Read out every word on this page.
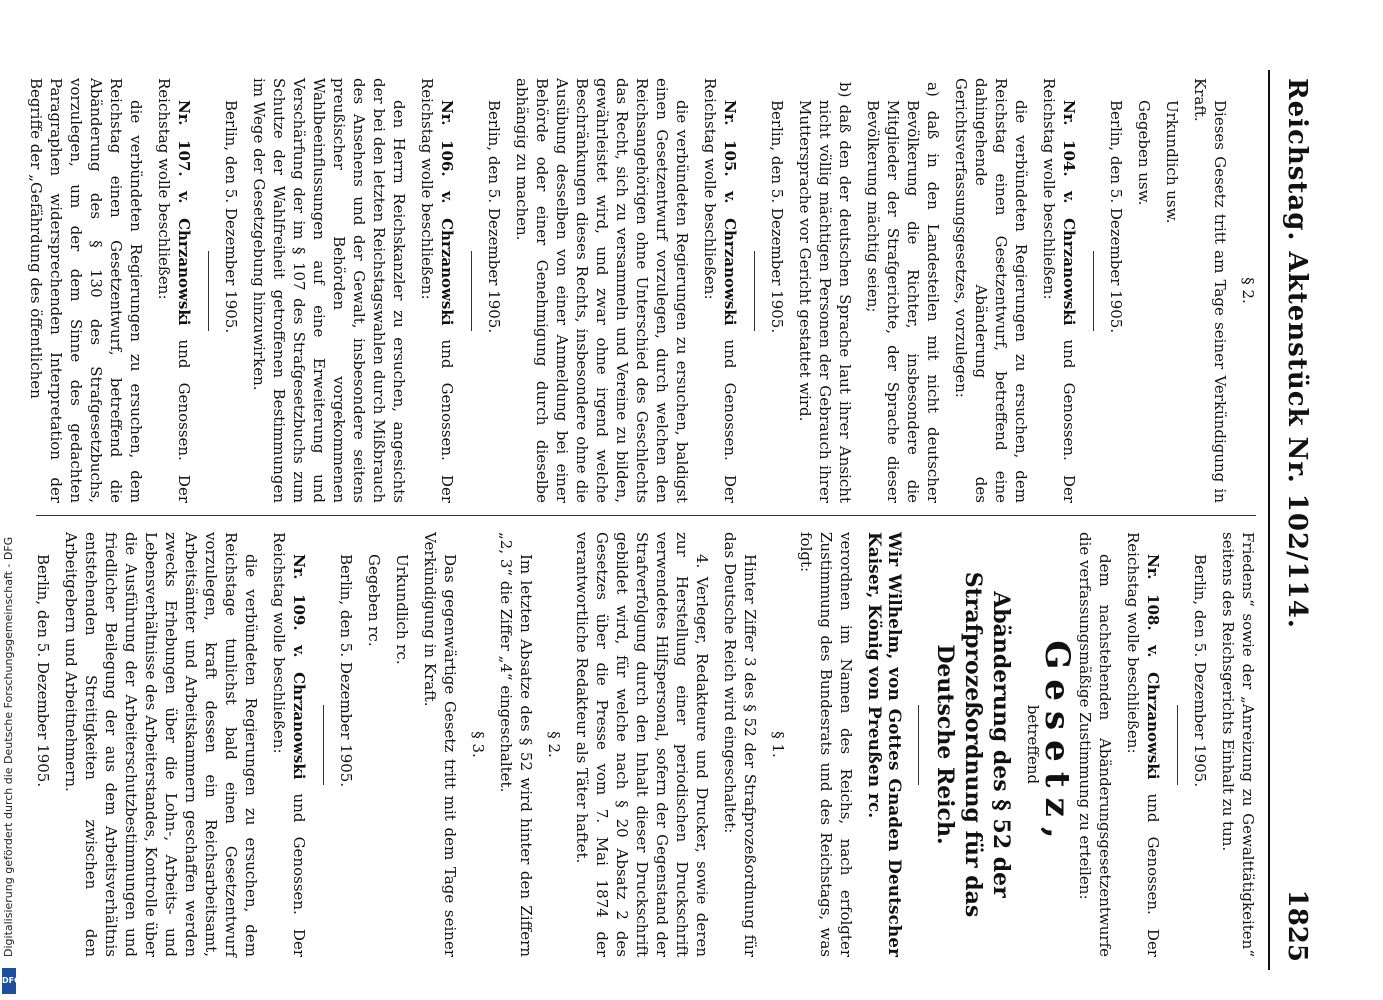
Digitalisierung gefördert durch die Deutsche Forschungsgemeinschaft - DFG
DFG
Reichstag. Aktenstück Nr. 102/114.
1825

§ 2.

Dieses Gesetz tritt am Tage seiner Verkündigung in Kraft.

Urkundlich usw.

Gegeben usw.

Berlin, den 5. Dezember 1905.

Nr. 104. v. Chrzanowski und Genossen. Der Reichstag wolle beschließen:

die verbündeten Regierungen zu ersuchen, dem Reichstag einen Gesetzentwurf, betreffend eine dahingehende Abänderung des Gerichtsverfassungsgesetzes, vorzulegen:

a) daß in den Landesteilen mit nicht deutscher Bevölkerung die Richter, insbesondere die Mitglieder der Strafgerichte, der Sprache dieser Bevölkerung mächtig seien;

b) daß den der deutschen Sprache laut ihrer Ansicht nicht völlig mächtigen Personen der Gebrauch ihrer Muttersprache vor Gericht gestattet wird.

Berlin, den 5. Dezember 1905.

Nr. 105. v. Chrzanowski und Genossen. Der Reichstag wolle beschließen:

die verbündeten Regierungen zu ersuchen, baldigst einen Gesetzentwurf vorzulegen, durch welchen den Reichsangehörigen ohne Unterschied des Geschlechts das Recht, sich zu versammeln und Vereine zu bilden, gewährleistet wird, und zwar ohne irgend welche Beschränkungen dieses Rechts, insbesondere ohne die Ausübung desselben von einer Anmeldung bei einer Behörde oder einer Genehmigung durch dieselbe abhängig zu machen.

Berlin, den 5. Dezember 1905.

Nr. 106. v. Chrzanowski und Genossen. Der Reichstag wolle beschließen:

den Herrn Reichskanzler zu ersuchen, angesichts der bei den letzten Reichstagswahlen durch Mißbrauch des Ansehens und der Gewalt, insbesondere seitens preußischer Behörden vorgekommenen Wahlbeeinflussungen auf eine Erweiterung und Verschärfung der im § 107 des Strafgesetzbuchs zum Schutze der Wahlfreiheit getroffenen Bestimmungen im Wege der Gesetzgebung hinzuwirken.

Berlin, den 5. Dezember 1905.

Nr. 107. v. Chrzanowski und Genossen. Der Reichstag wolle beschließen:

die verbündeten Regierungen zu ersuchen, dem Reichstag einen Gesetzentwurf, betreffend die Abänderung des § 130 des Strafgesetzbuchs, vorzulegen, um der dem Sinne des gedachten Paragraphen widersprechenden Interpretation der Begriffe der „Gefährdung des öffentlichen

Friedens“ sowie der „Anreizung zu Gewalttätigkeiten“ seitens des Reichsgerichts Einhalt zu tun.

Berlin, den 5. Dezember 1905.

Nr. 108. v. Chrzanowski und Genossen. Der Reichstag wolle beschließen:

dem nachstehenden Abänderungsgesetzentwurfe die verfassungsmäßige Zustimmung zu erteilen:

Gesetz,

betreffend

Abänderung des § 52 der Strafprozeßordnung für das Deutsche Reich.

Wir Wilhelm, von Gottes Gnaden Deutscher Kaiser, König von Preußen rc.

verordnen im Namen des Reichs, nach erfolgter Zustimmung des Bundesrats und des Reichstags, was folgt:

§ 1.

Hinter Ziffer 3 des § 52 der Strafprozeßordnung für das Deutsche Reich wird eingeschaltet:

4. Verleger, Redakteure und Drucker, sowie deren zur Herstellung einer periodischen Druckschrift verwendetes Hilfspersonal, sofern der Gegenstand der Strafverfolgung durch den Inhalt dieser Druckschrift gebildet wird, für welche nach § 20 Absatz 2 des Gesetzes über die Presse vom 7. Mai 1874 der verantwortliche Redakteur als Täter haftet.

§ 2.

Im letzten Absatze des § 52 wird hinter den Ziffern „2, 3“ die Ziffer „4“ eingeschaltet.

§ 3.

Das gegenwärtige Gesetz tritt mit dem Tage seiner Verkündigung in Kraft.

Urkundlich rc.

Gegeben rc.

Berlin, den 5. Dezember 1905.

Nr. 109. v. Chrzanowski und Genossen. Der Reichstag wolle beschließen:

die verbündeten Regierungen zu ersuchen, dem Reichstage tunlichst bald einen Gesetzentwurf vorzulegen, kraft dessen ein Reichsarbeitsamt, Arbeitsämter und Arbeitskammern geschaffen werden zwecks Erhebungen über die Lohn-, Arbeits- und Lebensverhältnisse des Arbeiterstandes, Kontrolle über die Ausführung der Arbeiterschutzbestimmungen und friedlicher Beilegung der aus dem Arbeitsverhältnis entstehenden Streitigkeiten zwischen den Arbeitgebern und Arbeitnehmern.

Berlin, den 5. Dezember 1905.
